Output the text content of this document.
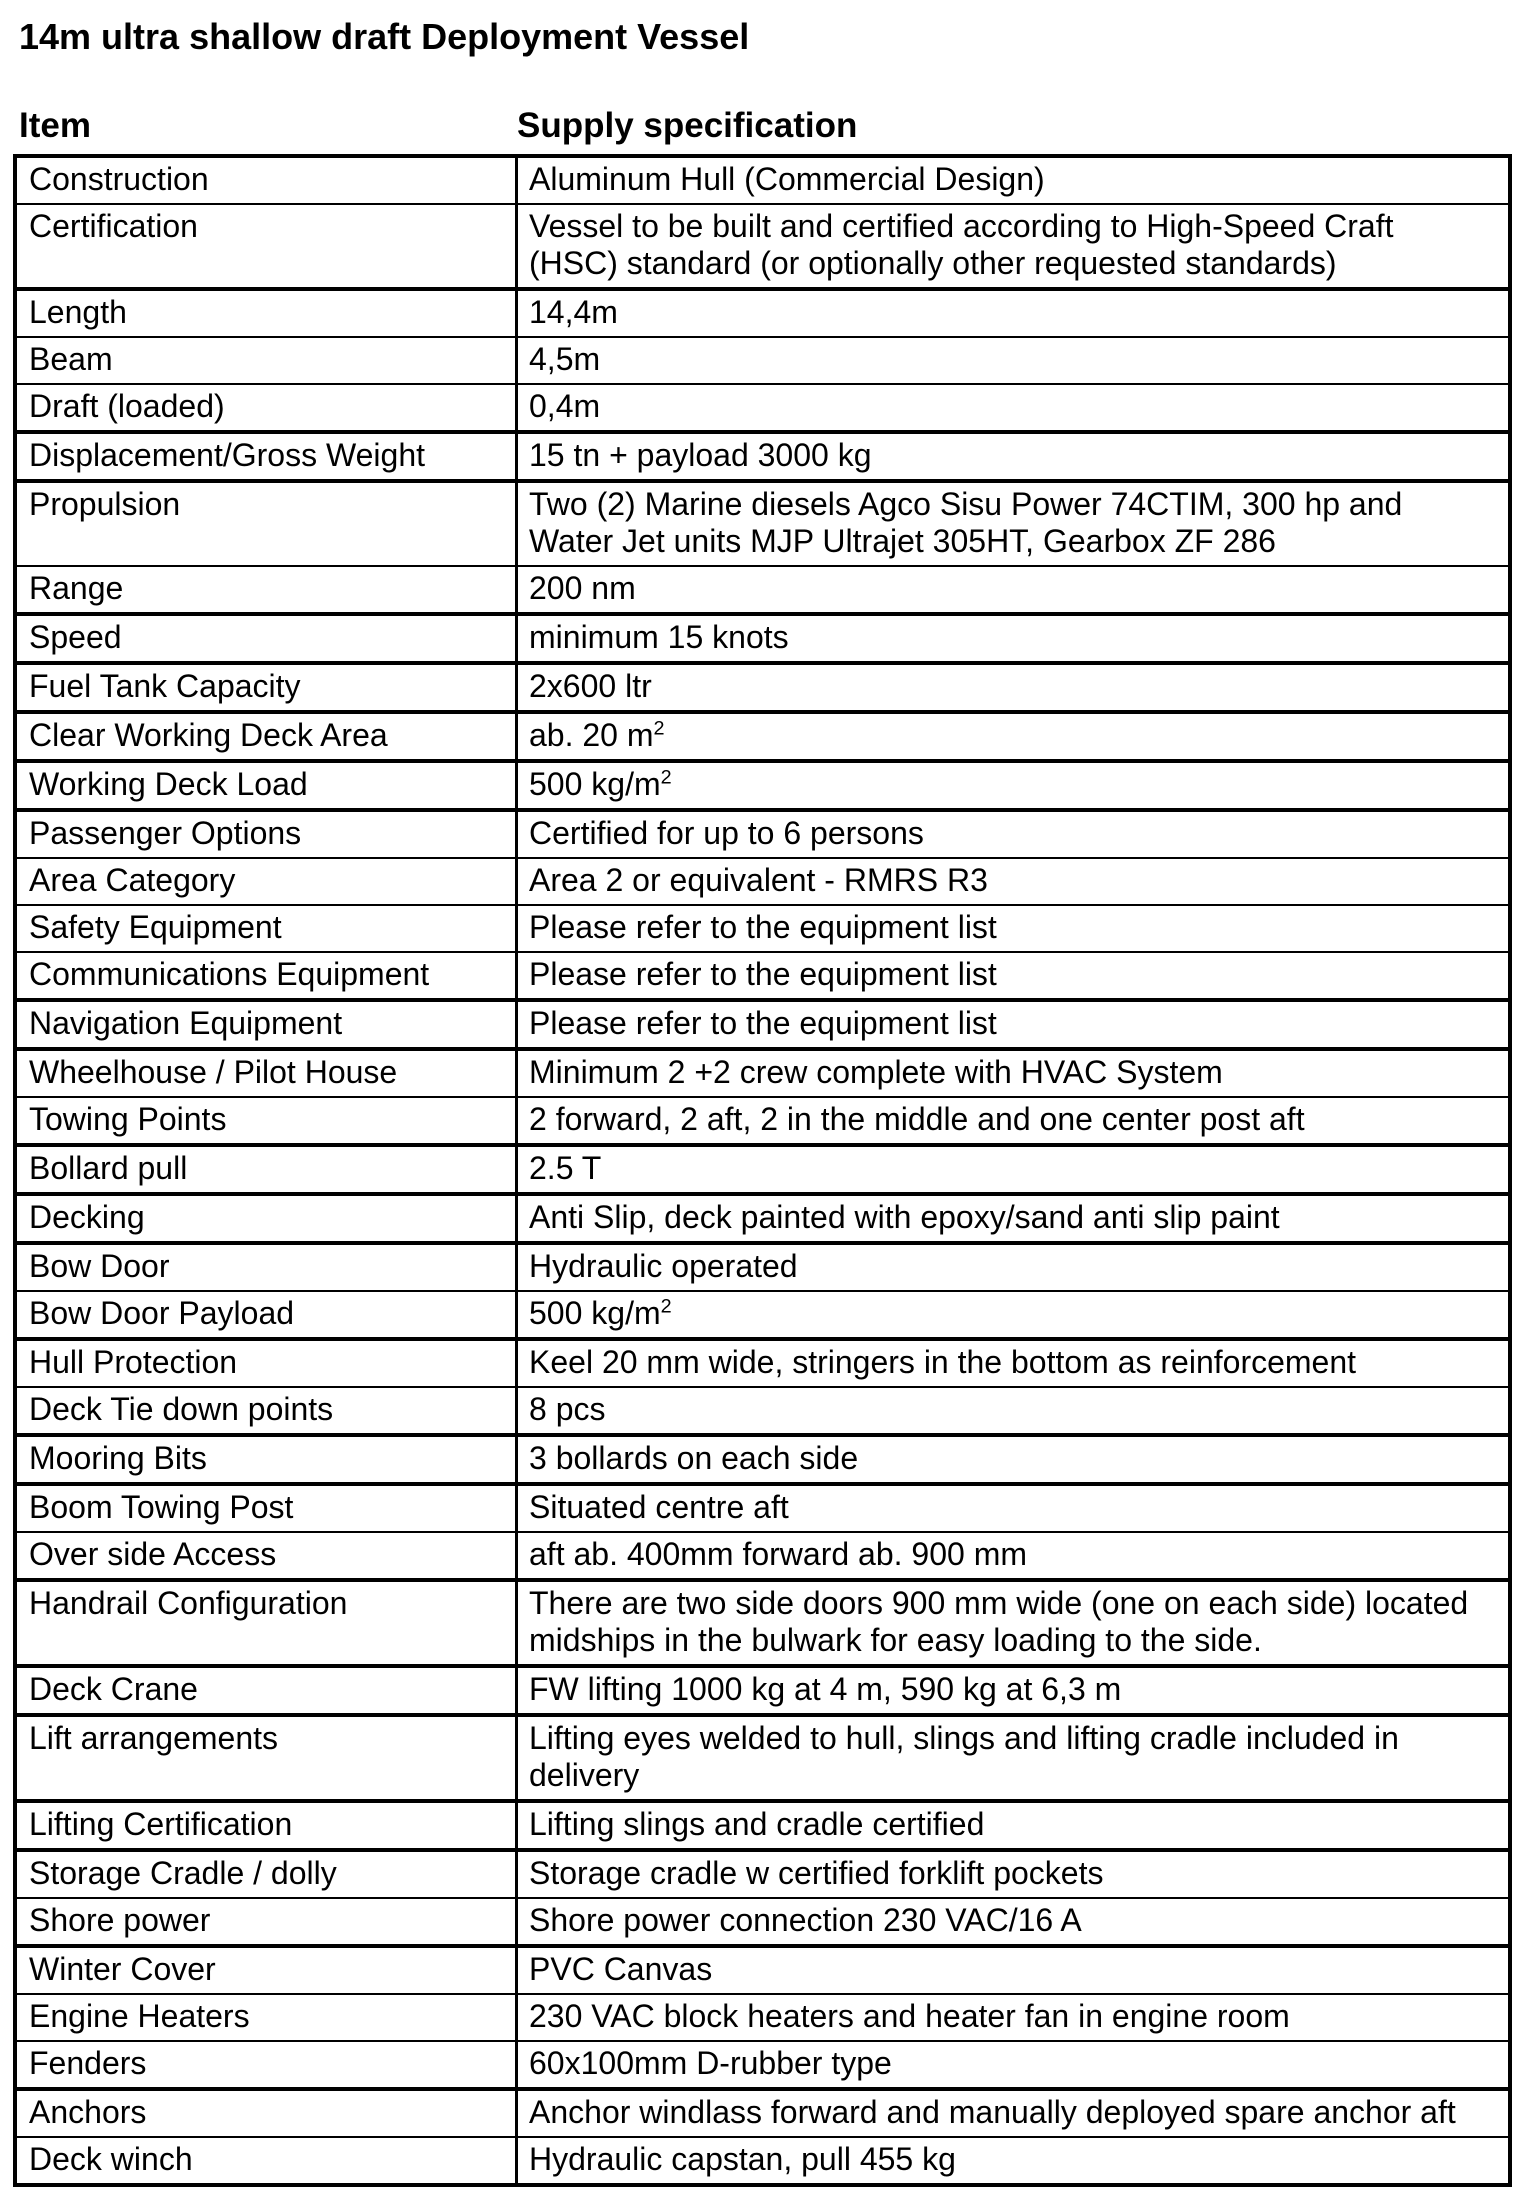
14m ultra shallow draft Deployment Vessel
Item	Supply specification
Construction	Aluminum Hull (Commercial Design)
Certification	Vessel to be built and certified according to High-Speed Craft
(HSC) standard (or optionally other requested standards)
Length	14,4m
Beam	4,5m
Draft (loaded)	0,4m
Displacement/Gross Weight	15 tn + payload 3000 kg
Propulsion	Two (2) Marine diesels Agco Sisu Power 74CTIM, 300 hp and
Water Jet units MJP Ultrajet 305HT, Gearbox ZF 286
Range	200 nm
Speed	minimum 15 knots
Fuel Tank Capacity	2x600 ltr
Clear Working Deck Area	ab. 20 $m^2$
Working Deck Load	500 $kg/m^2$
Passenger Options	Certified for up to 6 persons
Area Category	Area 2 or equivalent - RMRS R3
Safety Equipment	Please refer to the equipment list
Communications Equipment	Please refer to the equipment list
Navigation Equipment	Please refer to the equipment list
Wheelhouse / Pilot House	Minimum 2 +2 crew complete with HVAC System
Towing Points	2 forward, 2 aft, 2 in the middle and one center post aft
Bollard pull	2.5 T
Decking	Anti Slip, deck painted with epoxy/sand anti slip paint
Bow Door	Hydraulic operated
Bow Door Payload	500 $kg/m^2$
Hull Protection	Keel 20 mm wide, stringers in the bottom as reinforcement
Deck Tie down points	8 pcs
Mooring Bits	3 bollards on each side
Boom Towing Post	Situated centre aft
Over side Access	aft ab. 400mm forward ab. 900 mm
Handrail Configuration	There are two side doors 900 mm wide (one on each side) located
midships in the bulwark for easy loading to the side.
Deck Crane	FW lifting 1000 kg at 4 m, 590 kg at 6,3 m
Lift arrangements	Lifting eyes welded to hull, slings and lifting cradle included in
delivery
Lifting Certification	Lifting slings and cradle certified
Storage Cradle / dolly	Storage cradle w certified forklift pockets
Shore power	Shore power connection 230 VAC/16 A
Winter Cover	PVC Canvas
Engine Heaters	230 VAC block heaters and heater fan in engine room
Fenders	60x100mm D-rubber type
Anchors	Anchor windlass forward and manually deployed spare anchor aft
Deck winch	Hydraulic capstan, pull 455 kg
